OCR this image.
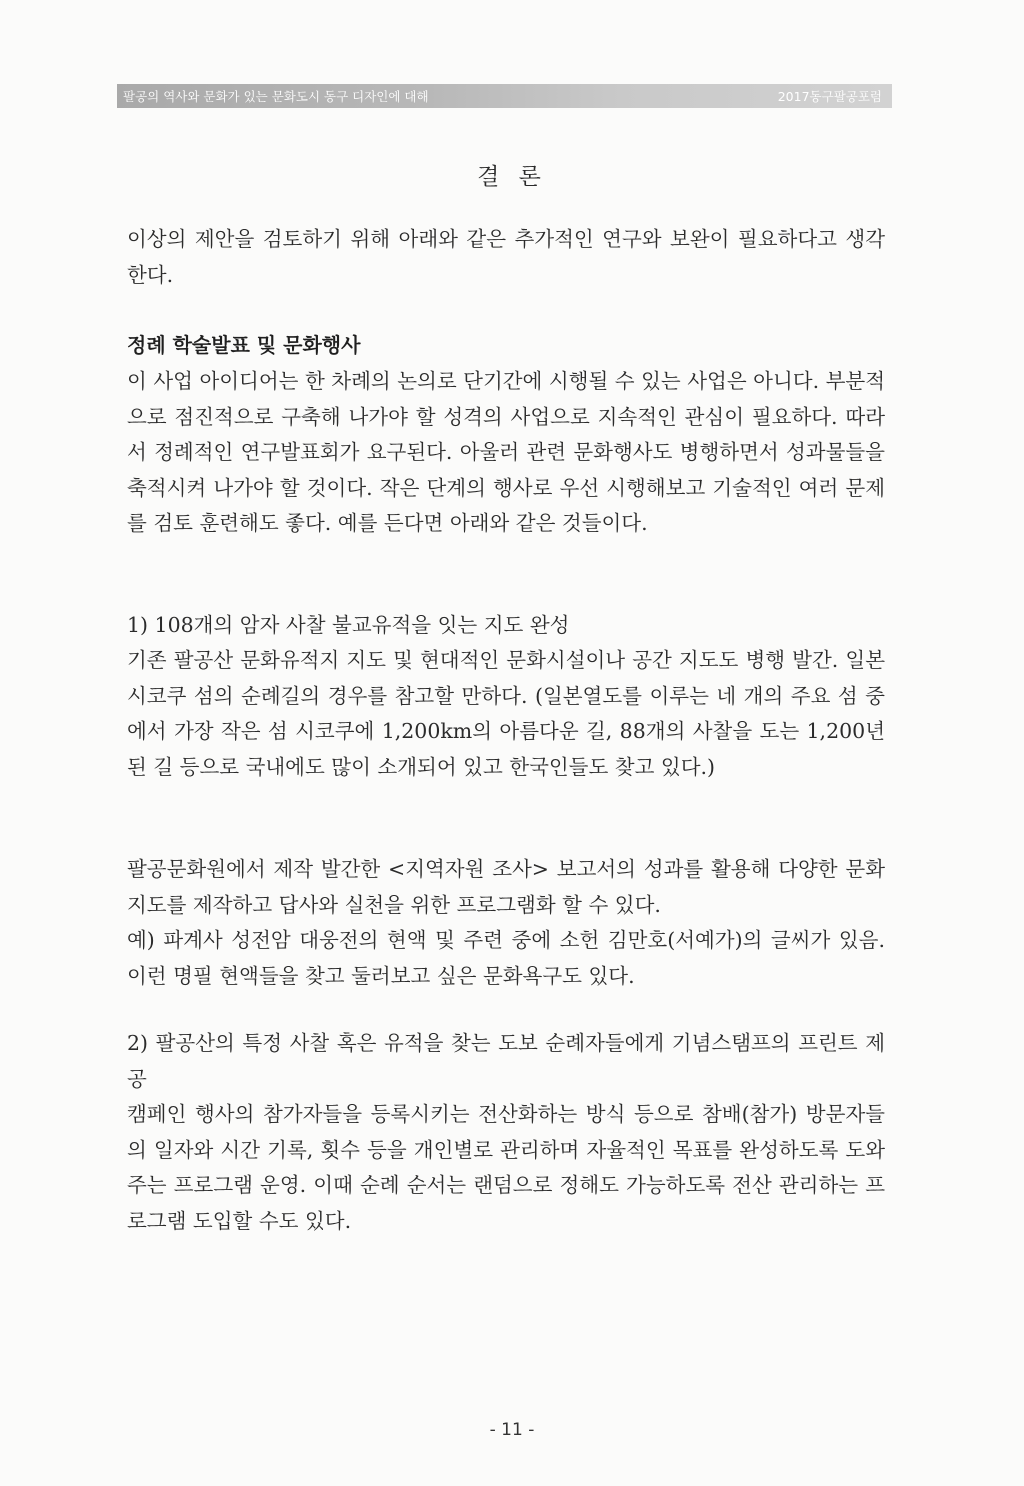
팔공의 역사와 문화가 있는 문화도시 동구 디자인에 대해	2017동구팔공포럼
결 론

이상의 제안을 검토하기 위해 아래와 같은 추가적인 연구와 보완이 필요하다고 생각한다.

정례 학술발표 및 문화행사

이 사업 아이디어는 한 차례의 논의로 단기간에 시행될 수 있는 사업은 아니다. 부분적으로 점진적으로 구축해 나가야 할 성격의 사업으로 지속적인 관심이 필요하다. 따라서 정례적인 연구발표회가 요구된다. 아울러 관련 문화행사도 병행하면서 성과물들을 축적시켜 나가야 할 것이다. 작은 단계의 행사로 우선 시행해보고 기술적인 여러 문제를 검토 훈련해도 좋다. 예를 든다면 아래와 같은 것들이다.

1) 108개의 암자 사찰 불교유적을 잇는 지도 완성

기존 팔공산 문화유적지 지도 및 현대적인 문화시설이나 공간 지도도 병행 발간. 일본 시코쿠 섬의 순례길의 경우를 참고할 만하다. (일본열도를 이루는 네 개의 주요 섬 중에서 가장 작은 섬 시코쿠에 1,200km의 아름다운 길, 88개의 사찰을 도는 1,200년 된 길 등으로 국내에도 많이 소개되어 있고 한국인들도 찾고 있다.)

팔공문화원에서 제작 발간한 <지역자원 조사> 보고서의 성과를 활용해 다양한 문화지도를 제작하고 답사와 실천을 위한 프로그램화 할 수 있다.

예) 파계사 성전암 대웅전의 현액 및 주련 중에 소헌 김만호(서예가)의 글씨가 있음. 이런 명필 현액들을 찾고 둘러보고 싶은 문화욕구도 있다.

2) 팔공산의 특정 사찰 혹은 유적을 찾는 도보 순례자들에게 기념스탬프의 프린트 제공

캠페인 행사의 참가자들을 등록시키는 전산화하는 방식 등으로 참배(참가) 방문자들의 일자와 시간 기록, 횟수 등을 개인별로 관리하며 자율적인 목표를 완성하도록 도와주는 프로그램 운영. 이때 순례 순서는 랜덤으로 정해도 가능하도록 전산 관리하는 프로그램 도입할 수도 있다.

- 11 -
